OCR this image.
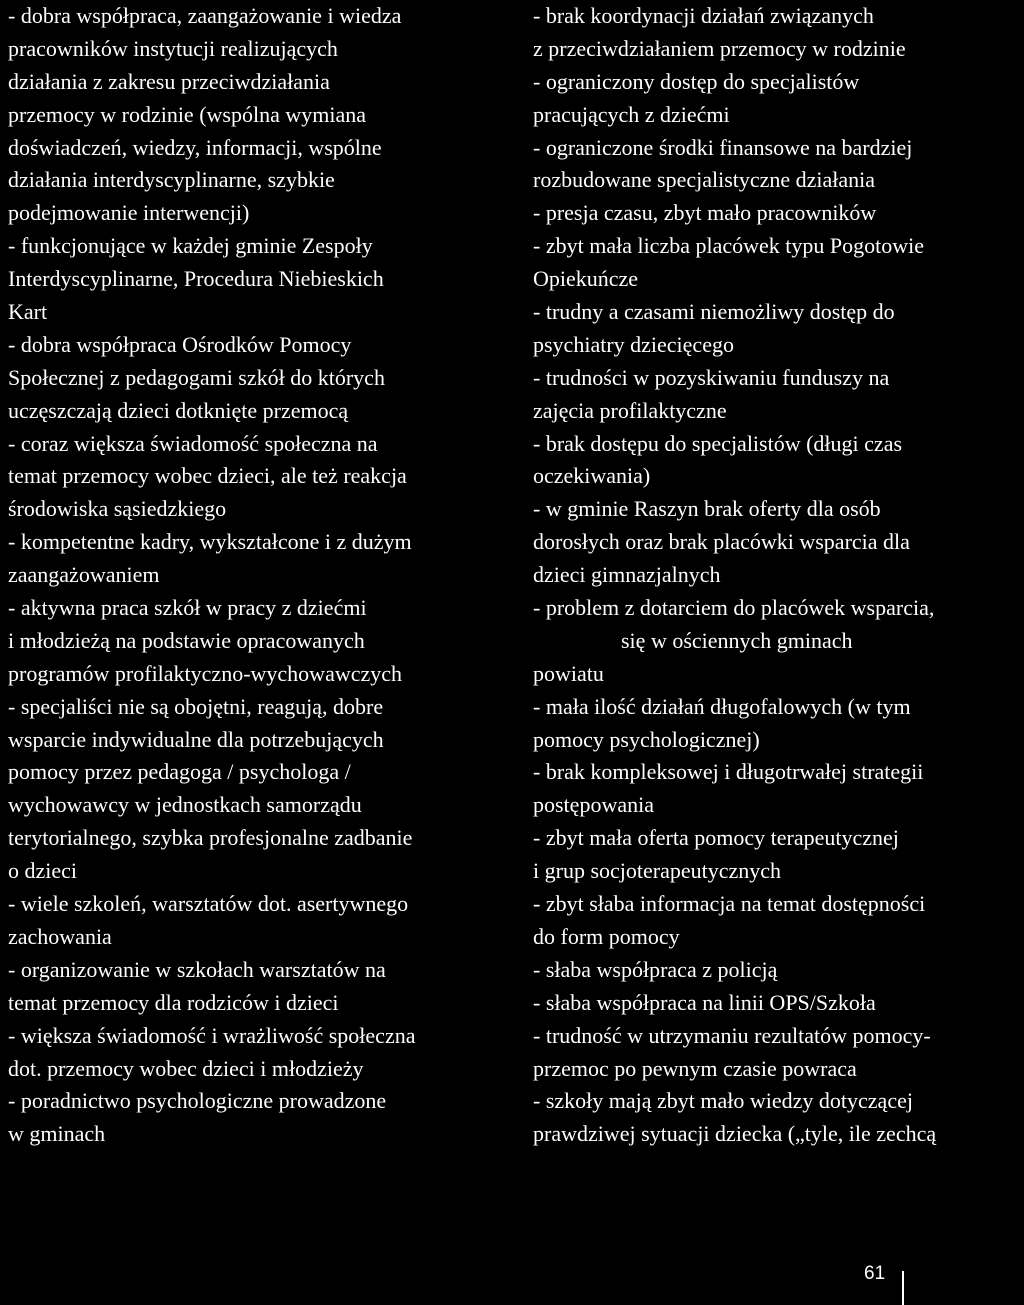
- dobra współpraca, zaangażowanie i wiedza
pracowników instytucji realizujących
działania z zakresu przeciwdziałania
przemocy w rodzinie (wspólna wymiana
doświadczeń, wiedzy, informacji, wspólne
działania interdyscyplinarne, szybkie
podejmowanie interwencji)
- funkcjonujące w każdej gminie Zespoły
Interdyscyplinarne, Procedura Niebieskich
Kart
- dobra współpraca Ośrodków Pomocy
Społecznej z pedagogami szkół do których
uczęszczają dzieci dotknięte przemocą
- coraz większa świadomość społeczna na
temat przemocy wobec dzieci, ale też reakcja
środowiska sąsiedzkiego
- kompetentne kadry, wykształcone i z dużym
zaangażowaniem
- aktywna praca szkół w pracy z dziećmi
i młodzieżą na podstawie opracowanych
programów profilaktyczno-wychowawczych
- specjaliści nie są obojętni, reagują, dobre
wsparcie indywidualne dla potrzebujących
pomocy przez pedagoga / psychologa /
wychowawcy w jednostkach samorządu
terytorialnego, szybka profesjonalne zadbanie
o dzieci
- wiele szkoleń, warsztatów dot. asertywnego
zachowania
- organizowanie w szkołach warsztatów na
temat przemocy dla rodziców i dzieci
- większa świadomość i wrażliwość społeczna
dot. przemocy wobec dzieci i młodzieży
- poradnictwo psychologiczne prowadzone
w gminach
- brak koordynacji działań związanych
z przeciwdziałaniem przemocy w rodzinie
- ograniczony dostęp do specjalistów
pracujących z dziećmi
- ograniczone środki finansowe na bardziej
rozbudowane specjalistyczne działania
- presja czasu, zbyt mało pracowników
- zbyt mała liczba placówek typu Pogotowie
Opiekuńcze
- trudny a czasami niemożliwy dostęp do
psychiatry dziecięcego
- trudności w pozyskiwaniu funduszy na
zajęcia profilaktyczne
- brak dostępu do specjalistów (długi czas
oczekiwania)
- w gminie Raszyn brak oferty dla osób
dorosłych oraz brak placówki wsparcia dla
dzieci gimnazjalnych
- problem z dotarciem do placówek wsparcia,
się w ościennych gminach
powiatu
- mała ilość działań długofalowych (w tym
pomocy psychologicznej)
- brak kompleksowej i długotrwałej strategii
postępowania
- zbyt mała oferta pomocy terapeutycznej
i grup socjoterapeutycznych
- zbyt słaba informacja na temat dostępności
do form pomocy
- słaba współpraca z policją
- słaba współpraca na linii OPS/Szkoła
- trudność w utrzymaniu rezultatów pomocy-
przemoc po pewnym czasie powraca
- szkoły mają zbyt mało wiedzy dotyczącej
prawdziwej sytuacji dziecka („tyle, ile zechcą
61
